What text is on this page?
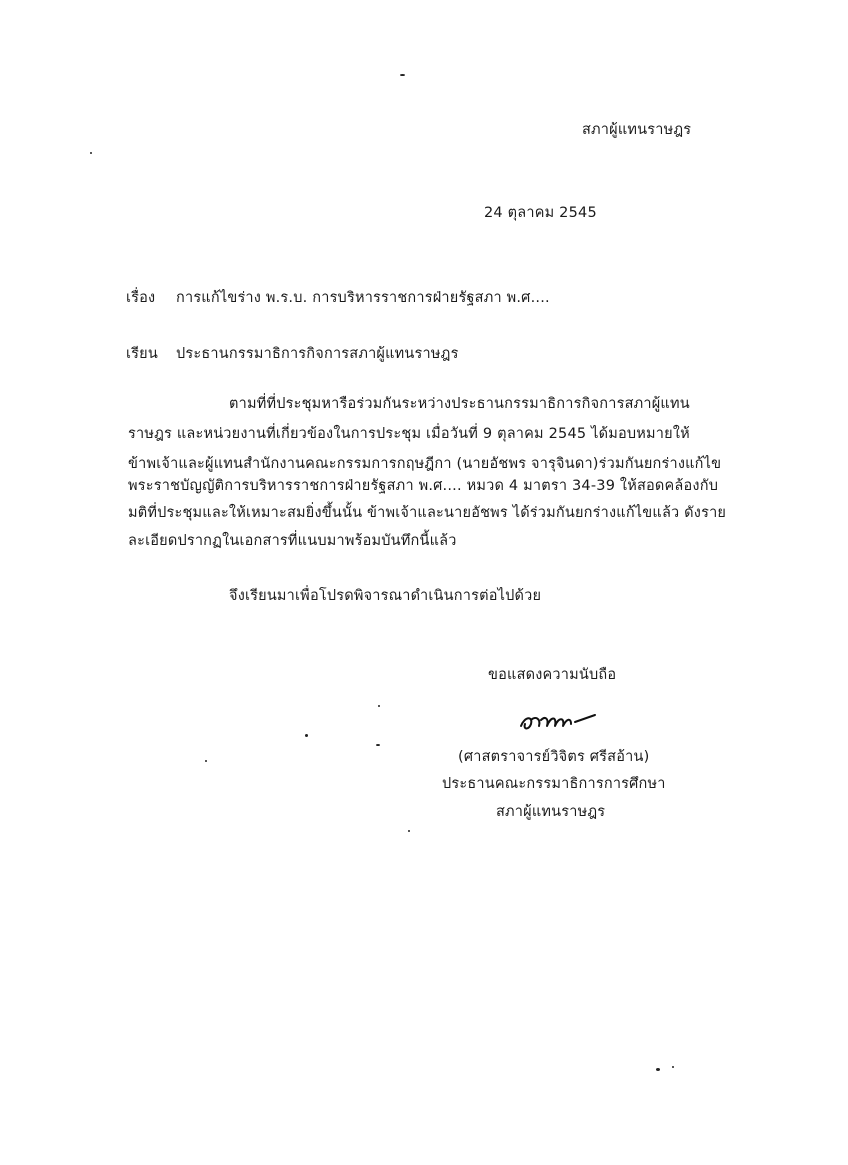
สภาผู้แทนราษฎร
24 ตุลาคม 2545
เรื่อง การแก้ไขร่าง พ.ร.บ. การบริหารราชการฝ่ายรัฐสภา พ.ศ....
เรียน ประธานกรรมาธิการกิจการสภาผู้แทนราษฎร
ตามที่ที่ประชุมหารือร่วมกันระหว่างประธานกรรมาธิการกิจการสภาผู้แทน
ราษฎร และหน่วยงานที่เกี่ยวข้องในการประชุม เมื่อวันที่ 9 ตุลาคม 2545 ได้มอบหมายให้
ข้าพเจ้าและผู้แทนสำนักงานคณะกรรมการกฤษฎีกา (นายอัชพร จารุจินดา)ร่วมกันยกร่างแก้ไข
พระราชบัญญัติการบริหารราชการฝ่ายรัฐสภา พ.ศ.... หมวด 4 มาตรา 34-39 ให้สอดคล้องกับ
มติที่ประชุมและให้เหมาะสมยิ่งขึ้นนั้น ข้าพเจ้าและนายอัชพร ได้ร่วมกันยกร่างแก้ไขแล้ว ดังราย
ละเอียดปรากฏในเอกสารที่แนบมาพร้อมบันทึกนี้แล้ว
จึงเรียนมาเพื่อโปรดพิจารณาดำเนินการต่อไปด้วย
ขอแสดงความนับถือ
(ศาสตราจารย์วิจิตร ศรีสอ้าน)
ประธานคณะกรรมาธิการการศึกษา
สภาผู้แทนราษฎร
